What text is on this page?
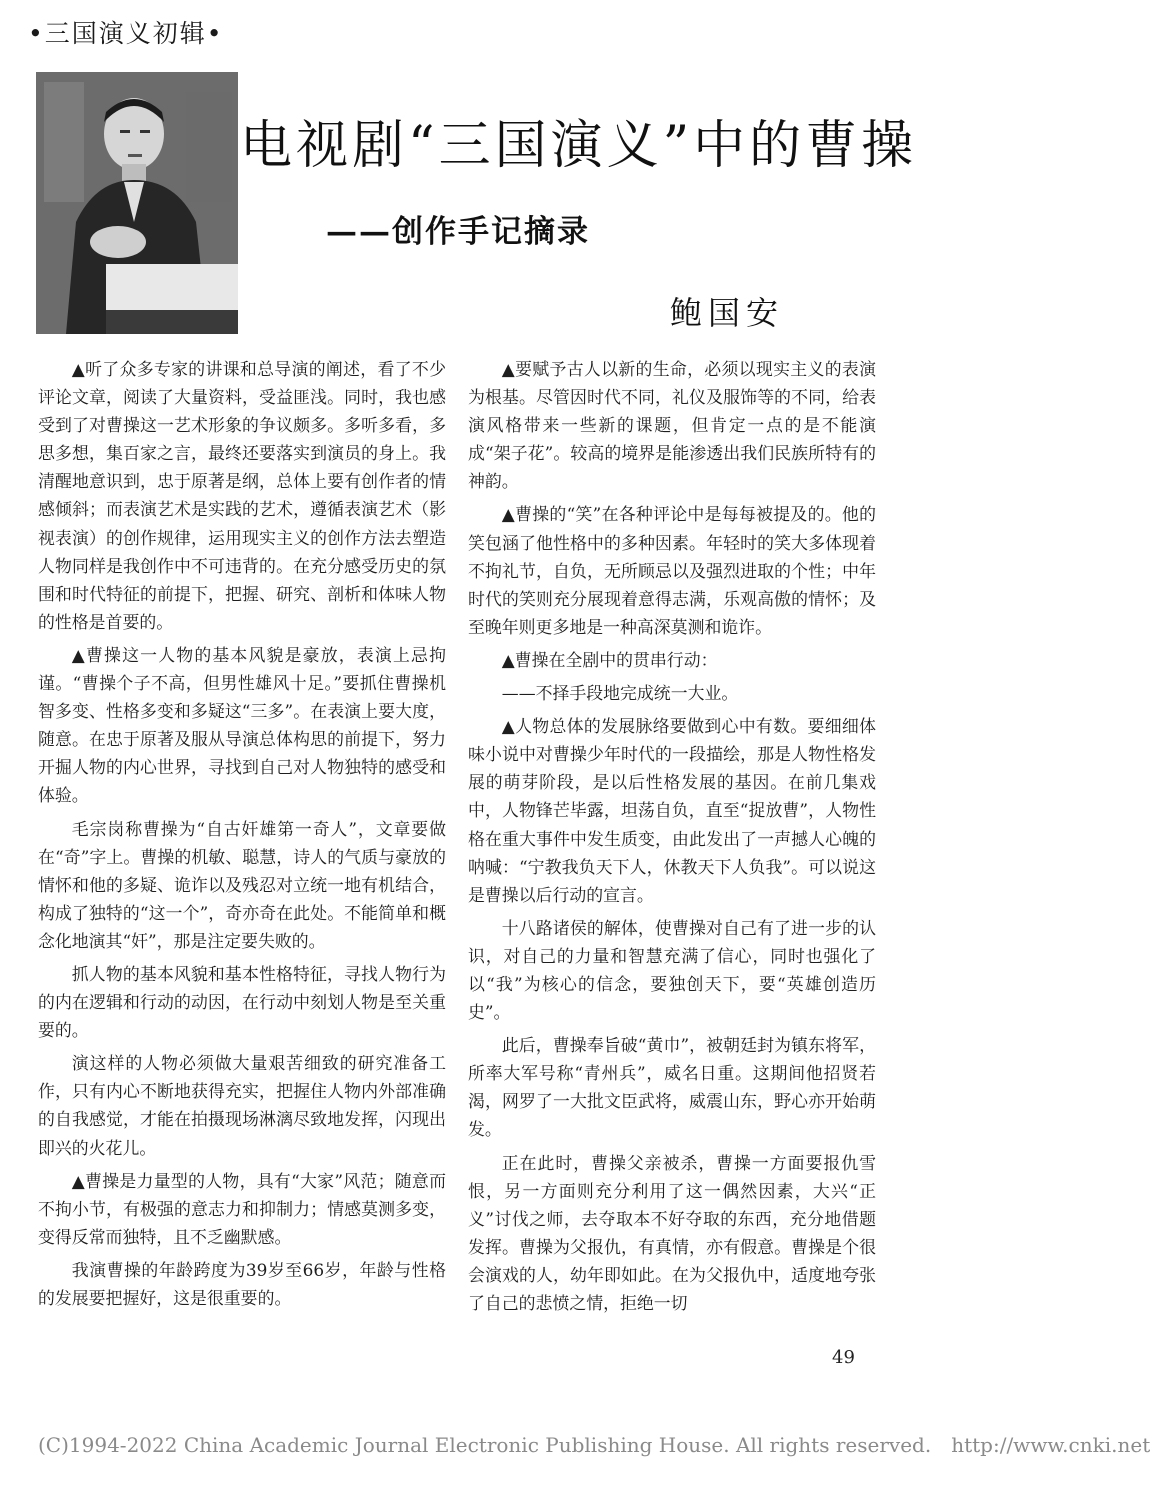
•三国演义初辑•
电视剧“三国演义”中的曹操
——创作手记摘录
鲍国安

▲听了众多专家的讲课和总导演的阐述，看了不少评论文章，阅读了大量资料，受益匪浅。同时，我也感受到了对曹操这一艺术形象的争议颇多。多听多看，多思多想，集百家之言，最终还要落实到演员的身上。我清醒地意识到，忠于原著是纲，总体上要有创作者的情感倾斜；而表演艺术是实践的艺术，遵循表演艺术（影视表演）的创作规律，运用现实主义的创作方法去塑造人物同样是我创作中不可违背的。在充分感受历史的氛围和时代特征的前提下，把握、研究、剖析和体味人物的性格是首要的。

▲曹操这一人物的基本风貌是豪放，表演上忌拘谨。“曹操个子不高，但男性雄风十足。”要抓住曹操机智多变、性格多变和多疑这“三多”。在表演上要大度，随意。在忠于原著及服从导演总体构思的前提下，努力开掘人物的内心世界，寻找到自己对人物独特的感受和体验。

毛宗岗称曹操为“自古奸雄第一奇人”，文章要做在“奇”字上。曹操的机敏、聪慧，诗人的气质与豪放的情怀和他的多疑、诡诈以及残忍对立统一地有机结合，构成了独特的“这一个”，奇亦奇在此处。不能简单和概念化地演其“奸”，那是注定要失败的。

抓人物的基本风貌和基本性格特征，寻找人物行为的内在逻辑和行动的动因，在行动中刻划人物是至关重要的。

演这样的人物必须做大量艰苦细致的研究准备工作，只有内心不断地获得充实，把握住人物内外部准确的自我感觉，才能在拍摄现场淋漓尽致地发挥，闪现出即兴的火花儿。

▲曹操是力量型的人物，具有“大家”风范；随意而不拘小节，有极强的意志力和抑制力；情感莫测多变，变得反常而独特，且不乏幽默感。

我演曹操的年龄跨度为39岁至66岁，年龄与性格的发展要把握好，这是很重要的。

▲要赋予古人以新的生命，必须以现实主义的表演为根基。尽管因时代不同，礼仪及服饰等的不同，给表演风格带来一些新的课题，但肯定一点的是不能演成“架子花”。较高的境界是能渗透出我们民族所特有的神韵。

▲曹操的“笑”在各种评论中是每每被提及的。他的笑包涵了他性格中的多种因素。年轻时的笑大多体现着不拘礼节，自负，无所顾忌以及强烈进取的个性；中年时代的笑则充分展现着意得志满，乐观高傲的情怀；及至晚年则更多地是一种高深莫测和诡诈。

▲曹操在全剧中的贯串行动：

——不择手段地完成统一大业。

▲人物总体的发展脉络要做到心中有数。要细细体味小说中对曹操少年时代的一段描绘，那是人物性格发展的萌芽阶段，是以后性格发展的基因。在前几集戏中，人物锋芒毕露，坦荡自负，直至“捉放曹”，人物性格在重大事件中发生质变，由此发出了一声撼人心魄的呐喊：“宁教我负天下人，休教天下人负我”。可以说这是曹操以后行动的宣言。

十八路诸侯的解体，使曹操对自己有了进一步的认识，对自己的力量和智慧充满了信心，同时也强化了以“我”为核心的信念，要独创天下，要“英雄创造历史”。

此后，曹操奉旨破“黄巾”，被朝廷封为镇东将军，所率大军号称“青州兵”，威名日重。这期间他招贤若渴，网罗了一大批文臣武将，威震山东，野心亦开始萌发。

正在此时，曹操父亲被杀，曹操一方面要报仇雪恨，另一方面则充分利用了这一偶然因素，大兴“正义”讨伐之师，去夺取本不好夺取的东西，充分地借题发挥。曹操为父报仇，有真情，亦有假意。曹操是个很会演戏的人，幼年即如此。在为父报仇中，适度地夸张了自己的悲愤之情，拒绝一切

49
(C)1994-2022 China Academic Journal Electronic Publishing House. All rights reserved. http://www.cnki.net
